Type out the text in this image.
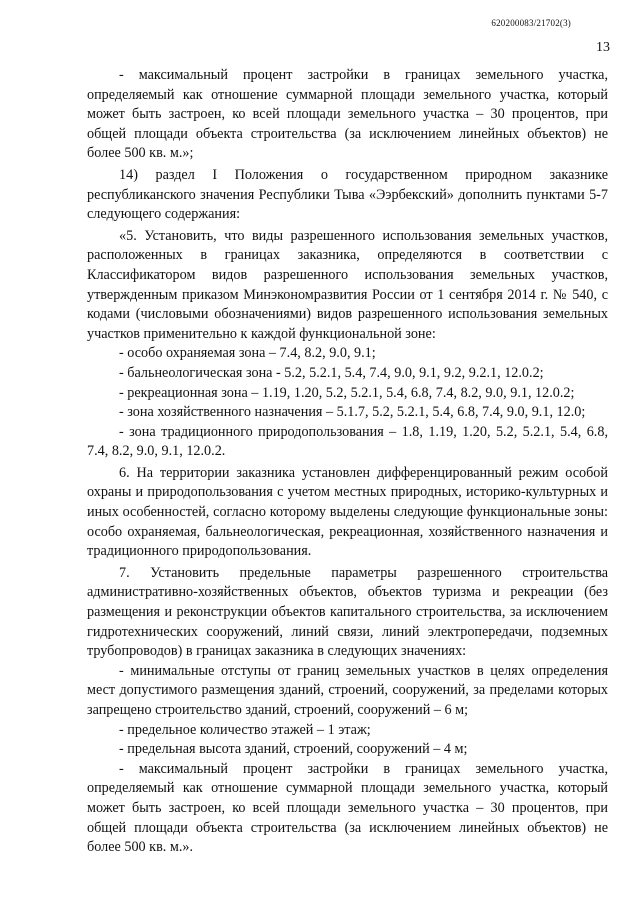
620200083/21702(3)
13

- максимальный процент застройки в границах земельного участка, определяемый как отношение суммарной площади земельного участка, который может быть застроен, ко всей площади земельного участка – 30 процентов, при общей площади объекта строительства (за исключением линейных объектов) не более 500 кв. м.»;

14) раздел I Положения о государственном природном заказнике республиканского значения Республики Тыва «Ээрбекский» дополнить пунктами 5-7 следующего содержания:

«5. Установить, что виды разрешенного использования земельных участков, расположенных в границах заказника, определяются в соответствии с Классификатором видов разрешенного использования земельных участков, утвержденным приказом Минэкономразвития России от 1 сентября 2014 г. № 540, с кодами (числовыми обозначениями) видов разрешенного использования земельных участков применительно к каждой функциональной зоне:

- особо охраняемая зона – 7.4, 8.2, 9.0, 9.1;

- бальнеологическая зона - 5.2, 5.2.1, 5.4, 7.4, 9.0, 9.1, 9.2, 9.2.1, 12.0.2;

- рекреационная зона – 1.19, 1.20, 5.2, 5.2.1, 5.4, 6.8, 7.4, 8.2, 9.0, 9.1, 12.0.2;

- зона хозяйственного назначения – 5.1.7, 5.2, 5.2.1, 5.4, 6.8, 7.4, 9.0, 9.1, 12.0;

- зона традиционного природопользования – 1.8, 1.19, 1.20, 5.2, 5.2.1, 5.4, 6.8, 7.4, 8.2, 9.0, 9.1, 12.0.2.

6. На территории заказника установлен дифференцированный режим особой охраны и природопользования с учетом местных природных, историко-культурных и иных особенностей, согласно которому выделены следующие функциональные зоны: особо охраняемая, бальнеологическая, рекреационная, хозяйственного назначения и традиционного природопользования.

7. Установить предельные параметры разрешенного строительства административно-хозяйственных объектов, объектов туризма и рекреации (без размещения и реконструкции объектов капитального строительства, за исключением гидротехнических сооружений, линий связи, линий электропередачи, подземных трубопроводов) в границах заказника в следующих значениях:

- минимальные отступы от границ земельных участков в целях определения мест допустимого размещения зданий, строений, сооружений, за пределами которых запрещено строительство зданий, строений, сооружений – 6 м;

- предельное количество этажей – 1 этаж;

- предельная высота зданий, строений, сооружений – 4 м;

- максимальный процент застройки в границах земельного участка, определяемый как отношение суммарной площади земельного участка, который может быть застроен, ко всей площади земельного участка – 30 процентов, при общей площади объекта строительства (за исключением линейных объектов) не более 500 кв. м.».
